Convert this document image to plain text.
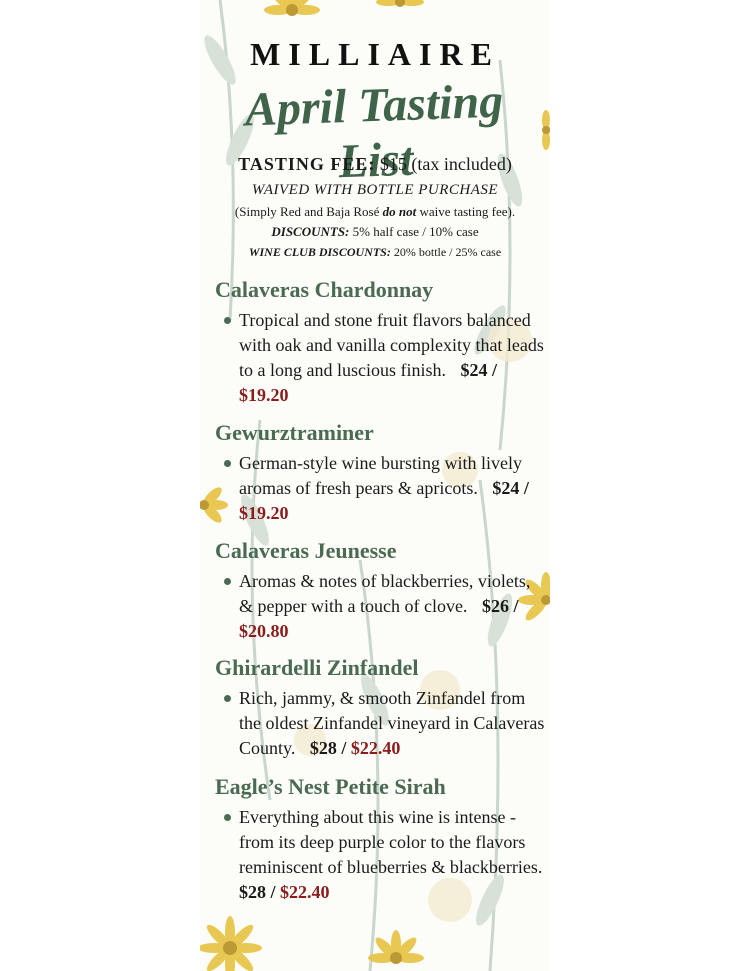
MILLIAIRE
April Tasting List

TASTING FEE: $15 (tax included)

WAIVED WITH BOTTLE PURCHASE

(Simply Red and Baja Rosé do not waive tasting fee).

DISCOUNTS: 5% half case / 10% case

WINE CLUB DISCOUNTS: 20% bottle / 25% case

Calaveras Chardonnay

Tropical and stone fruit flavors balanced with oak and vanilla complexity that leads to a long and luscious finish. $24 / $19.20

Gewurztraminer

German-style wine bursting with lively aromas of fresh pears & apricots. $24 / $19.20

Calaveras Jeunesse

Aromas & notes of blackberries, violets, & pepper with a touch of clove. $26 / $20.80

Ghirardelli Zinfandel

Rich, jammy, & smooth Zinfandel from the oldest Zinfandel vineyard in Calaveras County. $28 / $22.40

Eagle’s Nest Petite Sirah

Everything about this wine is intense - from its deep purple color to the flavors reminiscent of blueberries & blackberries.
$28 / $22.40
